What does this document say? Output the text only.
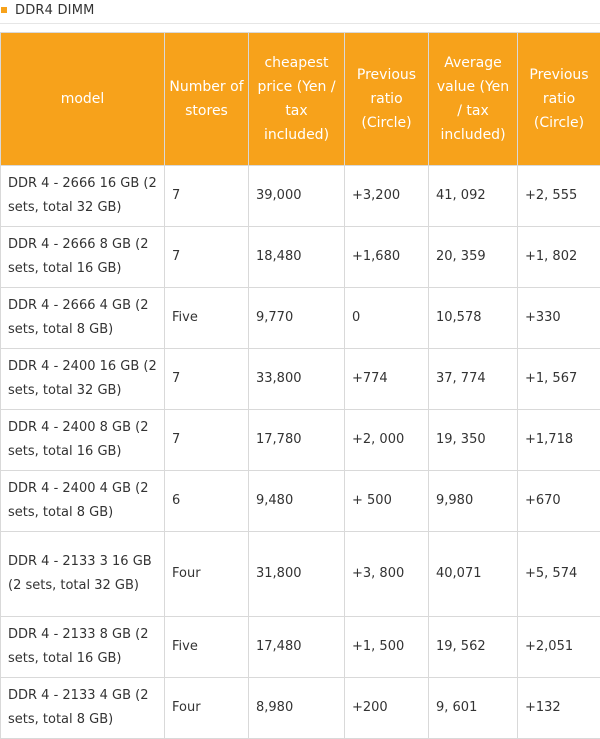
DDR4 DIMM
model	Number of stores	cheapest price (Yen / tax included)	Previous ratio (Circle)	Average value (Yen / tax included)	Previous ratio (Circle)
DDR 4 - 2666 16 GB (2 sets, total 32 GB)	7	39,000	+3,200	41, 092	+2, 555
DDR 4 - 2666 8 GB (2 sets, total 16 GB)	7	18,480	+1,680	20, 359	+1, 802
DDR 4 - 2666 4 GB (2 sets, total 8 GB)	Five	9,770	0	10,578	+330
DDR 4 - 2400 16 GB (2 sets, total 32 GB)	7	33,800	+774	37, 774	+1, 567
DDR 4 - 2400 8 GB (2 sets, total 16 GB)	7	17,780	+2, 000	19, 350	+1,718
DDR 4 - 2400 4 GB (2 sets, total 8 GB)	6	9,480	+ 500	9,980	+670
DDR 4 - 2133 3 16 GB (2 sets, total 32 GB)	Four	31,800	+3, 800	40,071	+5, 574
DDR 4 - 2133 8 GB (2 sets, total 16 GB)	Five	17,480	+1, 500	19, 562	+2,051
DDR 4 - 2133 4 GB (2 sets, total 8 GB)	Four	8,980	+200	9, 601	+132
